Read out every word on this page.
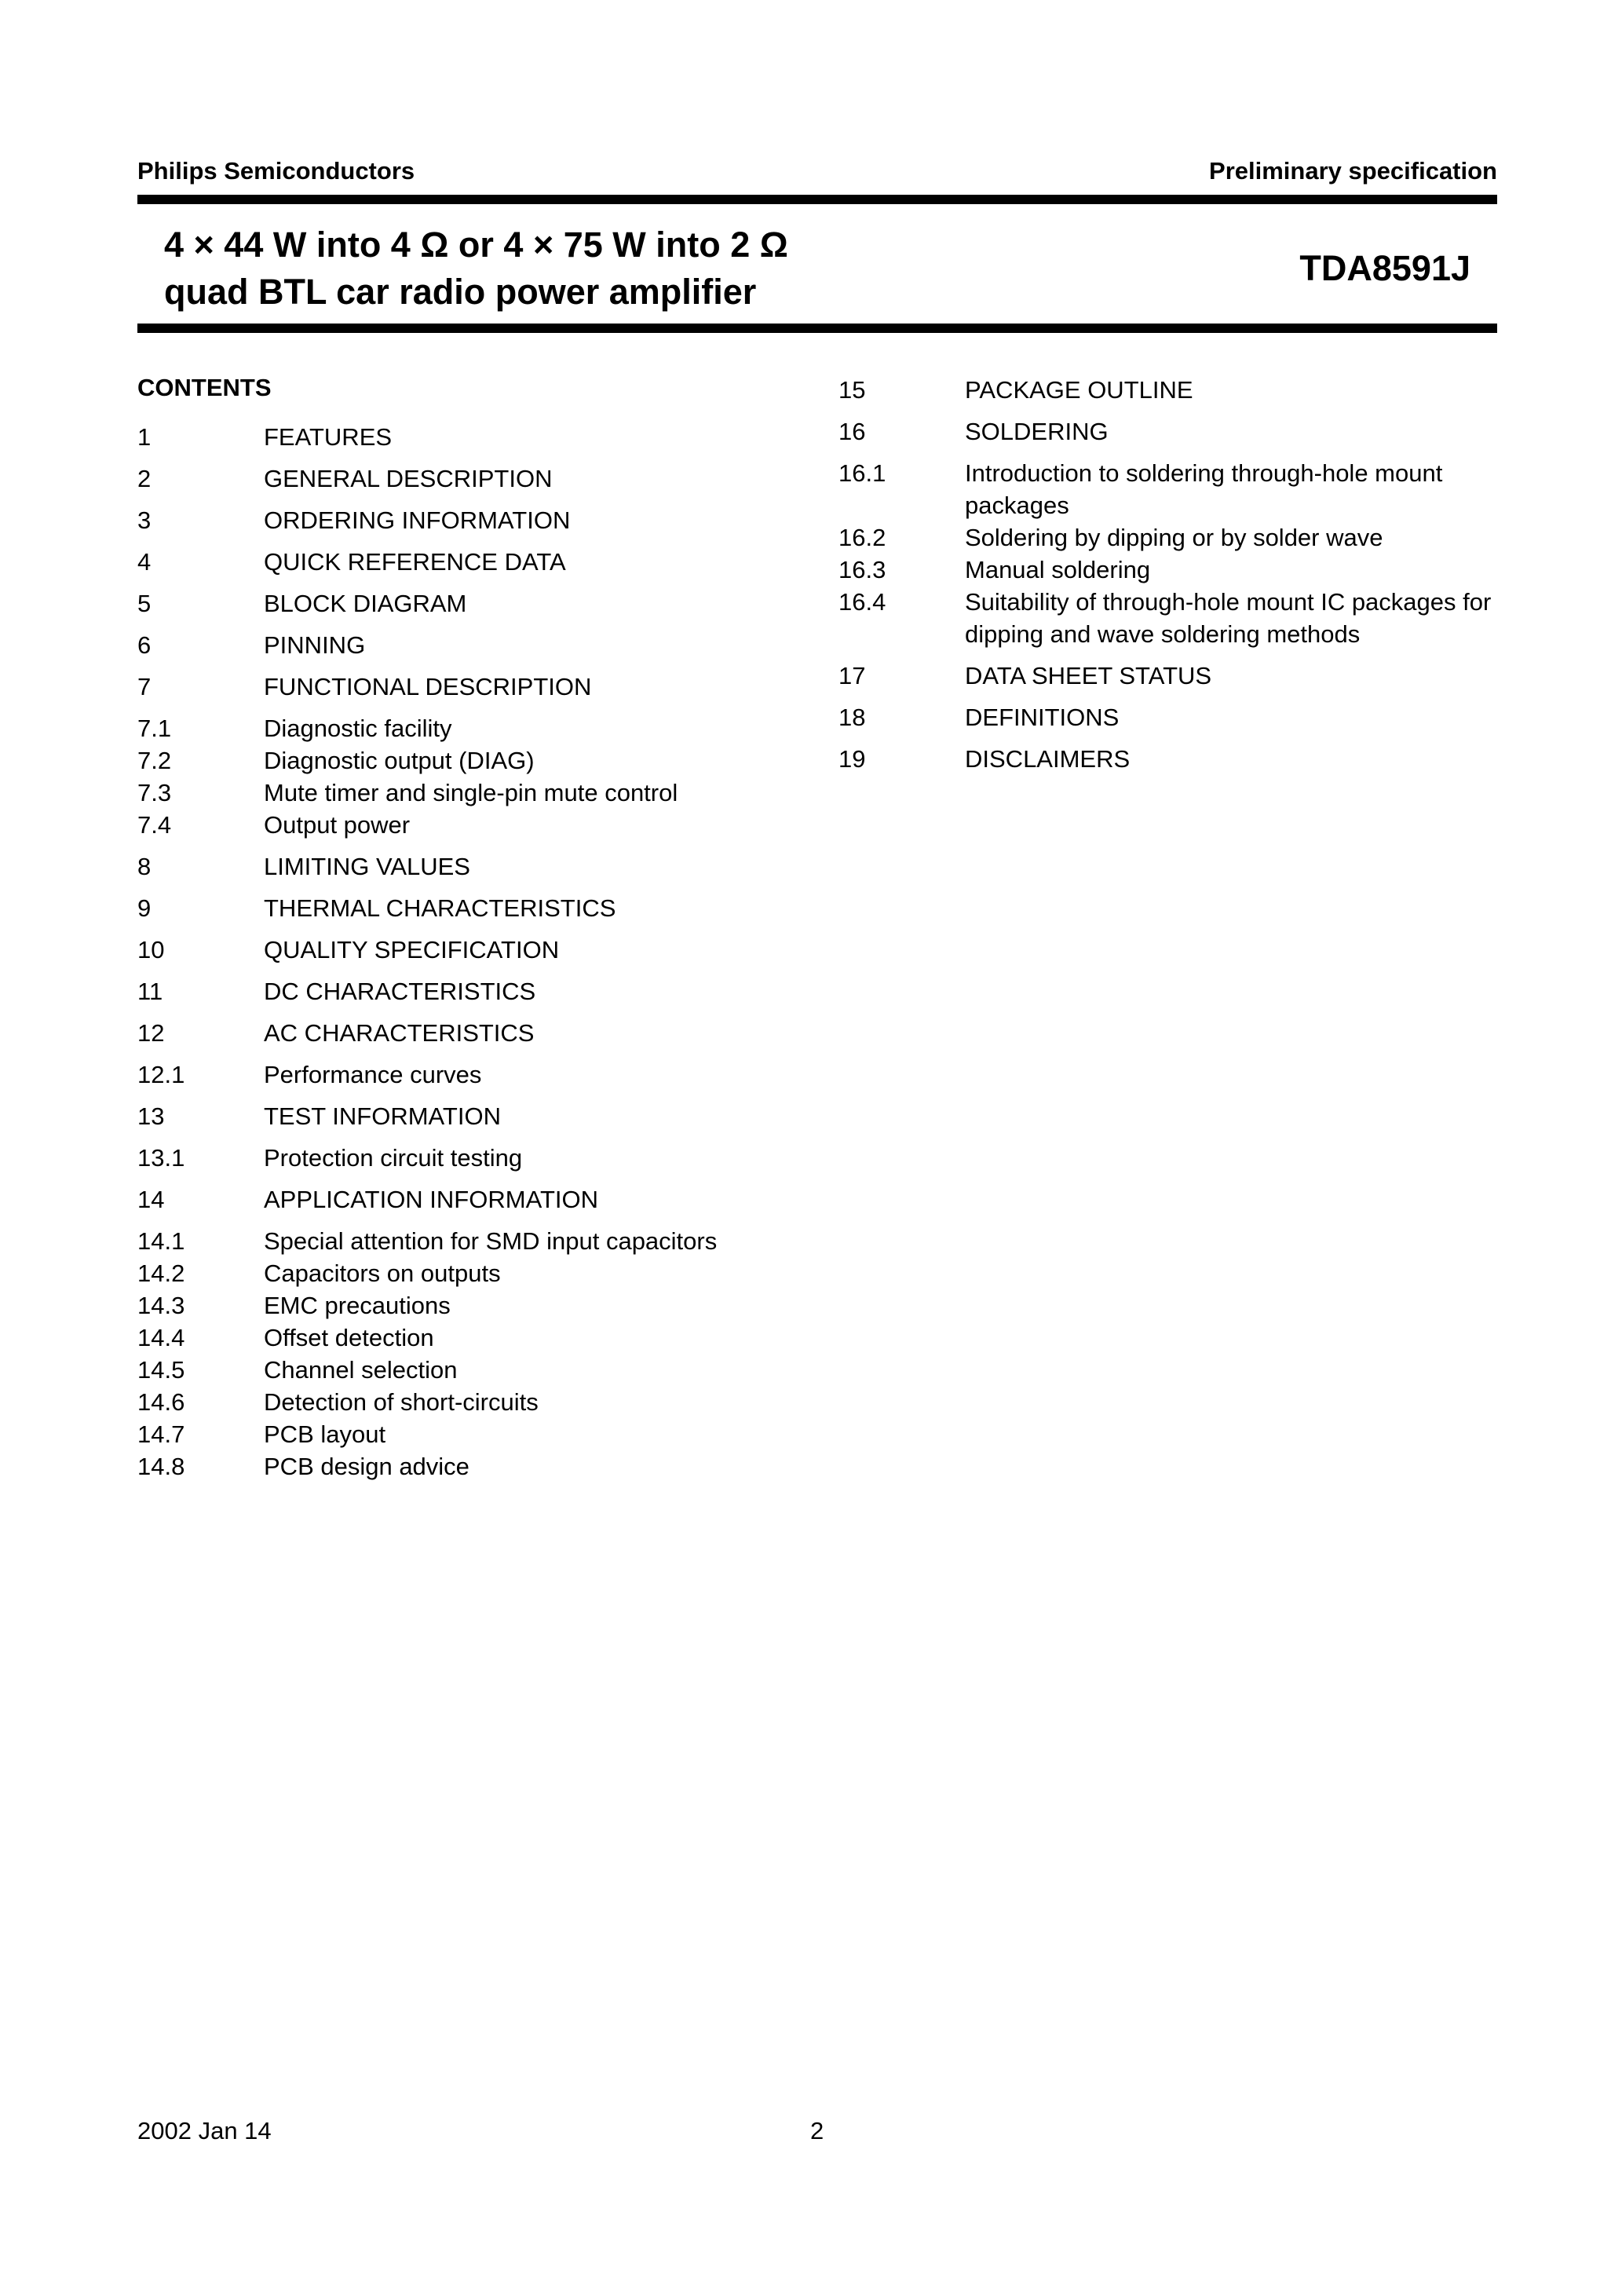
Philips Semiconductors	Preliminary specification
4 × 44 W into 4 Ω or 4 × 75 W into 2 Ω
quad BTL car radio power amplifier
TDA8591J
CONTENTS
1	FEATURES
2	GENERAL DESCRIPTION
3	ORDERING INFORMATION
4	QUICK REFERENCE DATA
5	BLOCK DIAGRAM
6	PINNING
7	FUNCTIONAL DESCRIPTION
7.1	Diagnostic facility
7.2	Diagnostic output (DIAG)
7.3	Mute timer and single-pin mute control
7.4	Output power
8	LIMITING VALUES
9	THERMAL CHARACTERISTICS
10	QUALITY SPECIFICATION
11	DC CHARACTERISTICS
12	AC CHARACTERISTICS
12.1	Performance curves
13	TEST INFORMATION
13.1	Protection circuit testing
14	APPLICATION INFORMATION
14.1	Special attention for SMD input capacitors
14.2	Capacitors on outputs
14.3	EMC precautions
14.4	Offset detection
14.5	Channel selection
14.6	Detection of short-circuits
14.7	PCB layout
14.8	PCB design advice
15	PACKAGE OUTLINE
16	SOLDERING
16.1	Introduction to soldering through-hole mount packages
16.2	Soldering by dipping or by solder wave
16.3	Manual soldering
16.4	Suitability of through-hole mount IC packages for dipping and wave soldering methods
17	DATA SHEET STATUS
18	DEFINITIONS
19	DISCLAIMERS
2002 Jan 14	2
